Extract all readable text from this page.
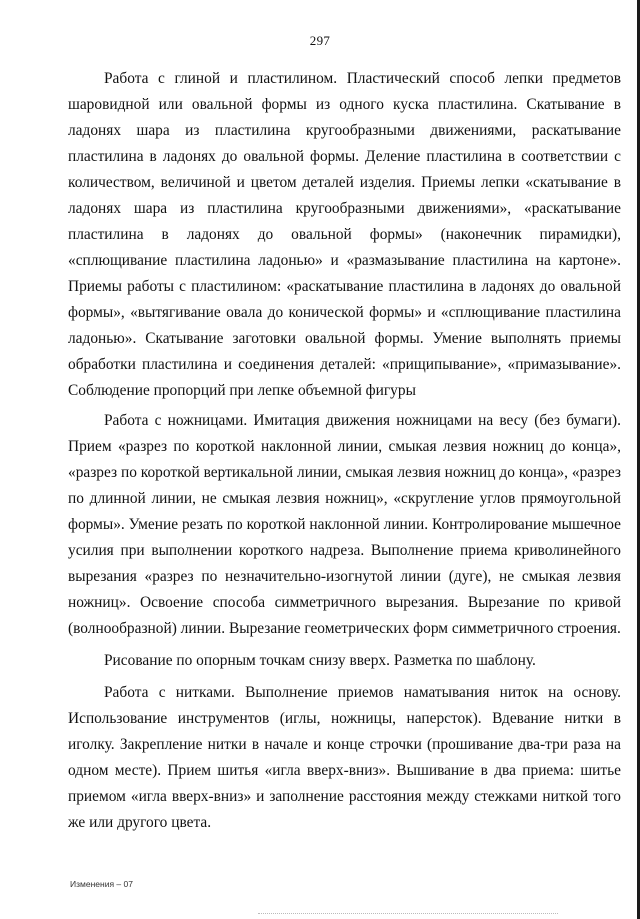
297

Работа с глиной и пластилином. Пластический способ лепки предметов шаровидной или овальной формы из одного куска пластилина. Скатывание в ладонях шара из пластилина кругообразными движениями, раскатывание пластилина в ладонях до овальной формы. Деление пластилина в соответствии с количеством, величиной и цветом деталей изделия. Приемы лепки «скатывание в ладонях шара из пластилина кругообразными движениями», «раскатывание пластилина в ладонях до овальной формы» (наконечник пирамидки), «сплющивание пластилина ладонью» и «размазывание пластилина на картоне». Приемы работы с пластилином: «раскатывание пластилина в ладонях до овальной формы», «вытягивание овала до конической формы» и «сплющивание пластилина ладонью». Скатывание заготовки овальной формы. Умение выполнять приемы обработки пластилина и соединения деталей: «прищипывание», «примазывание». Соблюдение пропорций при лепке объемной фигуры

Работа с ножницами. Имитация движения ножницами на весу (без бумаги). Прием «разрез по короткой наклонной линии, смыкая лезвия ножниц до конца», «разрез по короткой вертикальной линии, смыкая лезвия ножниц до конца», «разрез по длинной линии, не смыкая лезвия ножниц», «скругление углов прямоугольной формы». Умение резать по короткой наклонной линии. Контролирование мышечное усилия при выполнении короткого надреза. Выполнение приема криволинейного вырезания «разрез по незначительно-изогнутой линии (дуге), не смыкая лезвия ножниц». Освоение способа симметричного вырезания. Вырезание по кривой (волнообразной) линии. Вырезание геометрических форм симметричного строения.

Рисование по опорным точкам снизу вверх. Разметка по шаблону.

Работа с нитками. Выполнение приемов наматывания ниток на основу. Использование инструментов (иглы, ножницы, наперсток). Вдевание нитки в иголку. Закрепление нитки в начале и конце строчки (прошивание два-три раза на одном месте). Прием шитья «игла вверх-вниз». Вышивание в два приема: шитье приемом «игла вверх-вниз» и заполнение расстояния между стежками ниткой того же или другого цвета.

Изменения – 07
